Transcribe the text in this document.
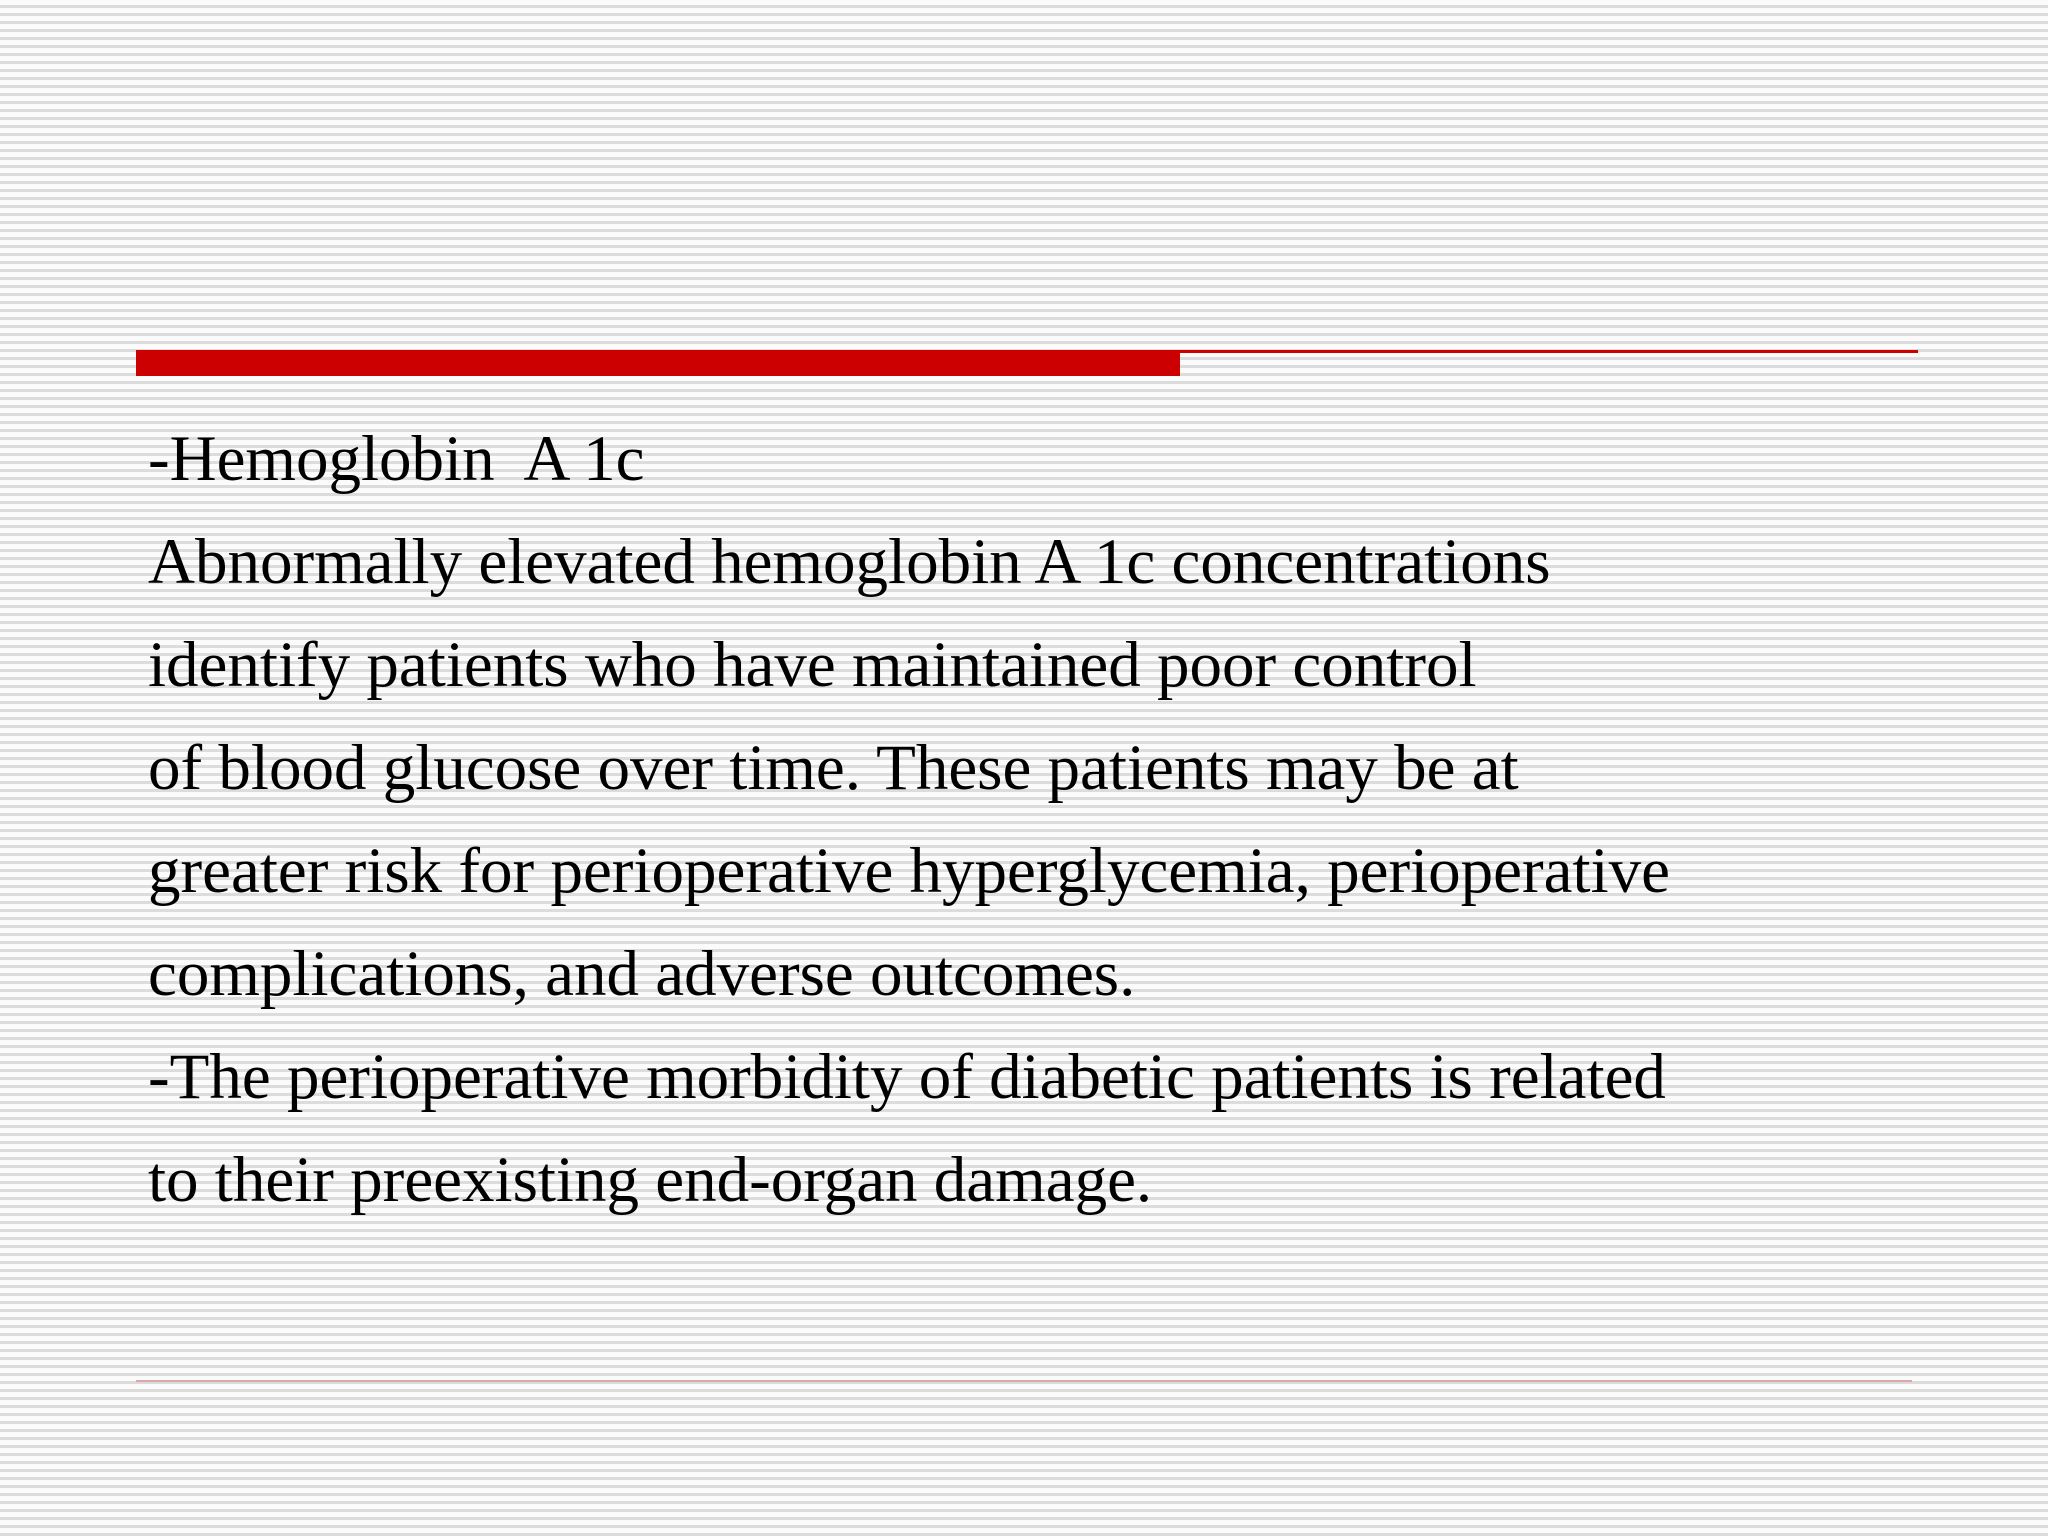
-Hemoglobin  A 1c
Abnormally elevated hemoglobin A 1c concentrations
identify patients who have maintained poor control
of blood glucose over time. These patients may be at
greater risk for perioperative hyperglycemia, perioperative
complications, and adverse outcomes.
-The perioperative morbidity of diabetic patients is related
to their preexisting end-organ damage.
